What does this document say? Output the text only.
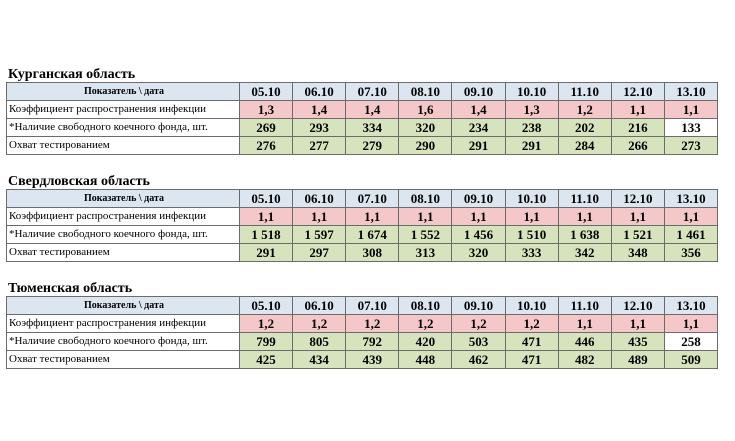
Курганская область
Показатель \ дата	05.10	06.10	07.10	08.10	09.10	10.10	11.10	12.10	13.10
Коэффициент распространения инфекции	1,3	1,4	1,4	1,6	1,4	1,3	1,2	1,1	1,1
*Наличие свободного коечного фонда, шт.	269	293	334	320	234	238	202	216	133
Охват тестированием	276	277	279	290	291	291	284	266	273
Свердловская область
Показатель \ дата	05.10	06.10	07.10	08.10	09.10	10.10	11.10	12.10	13.10
Коэффициент распространения инфекции	1,1	1,1	1,1	1,1	1,1	1,1	1,1	1,1	1,1
*Наличие свободного коечного фонда, шт.	1 518	1 597	1 674	1 552	1 456	1 510	1 638	1 521	1 461
Охват тестированием	291	297	308	313	320	333	342	348	356
Тюменская область
Показатель \ дата	05.10	06.10	07.10	08.10	09.10	10.10	11.10	12.10	13.10
Коэффициент распространения инфекции	1,2	1,2	1,2	1,2	1,2	1,2	1,1	1,1	1,1
*Наличие свободного коечного фонда, шт.	799	805	792	420	503	471	446	435	258
Охват тестированием	425	434	439	448	462	471	482	489	509
